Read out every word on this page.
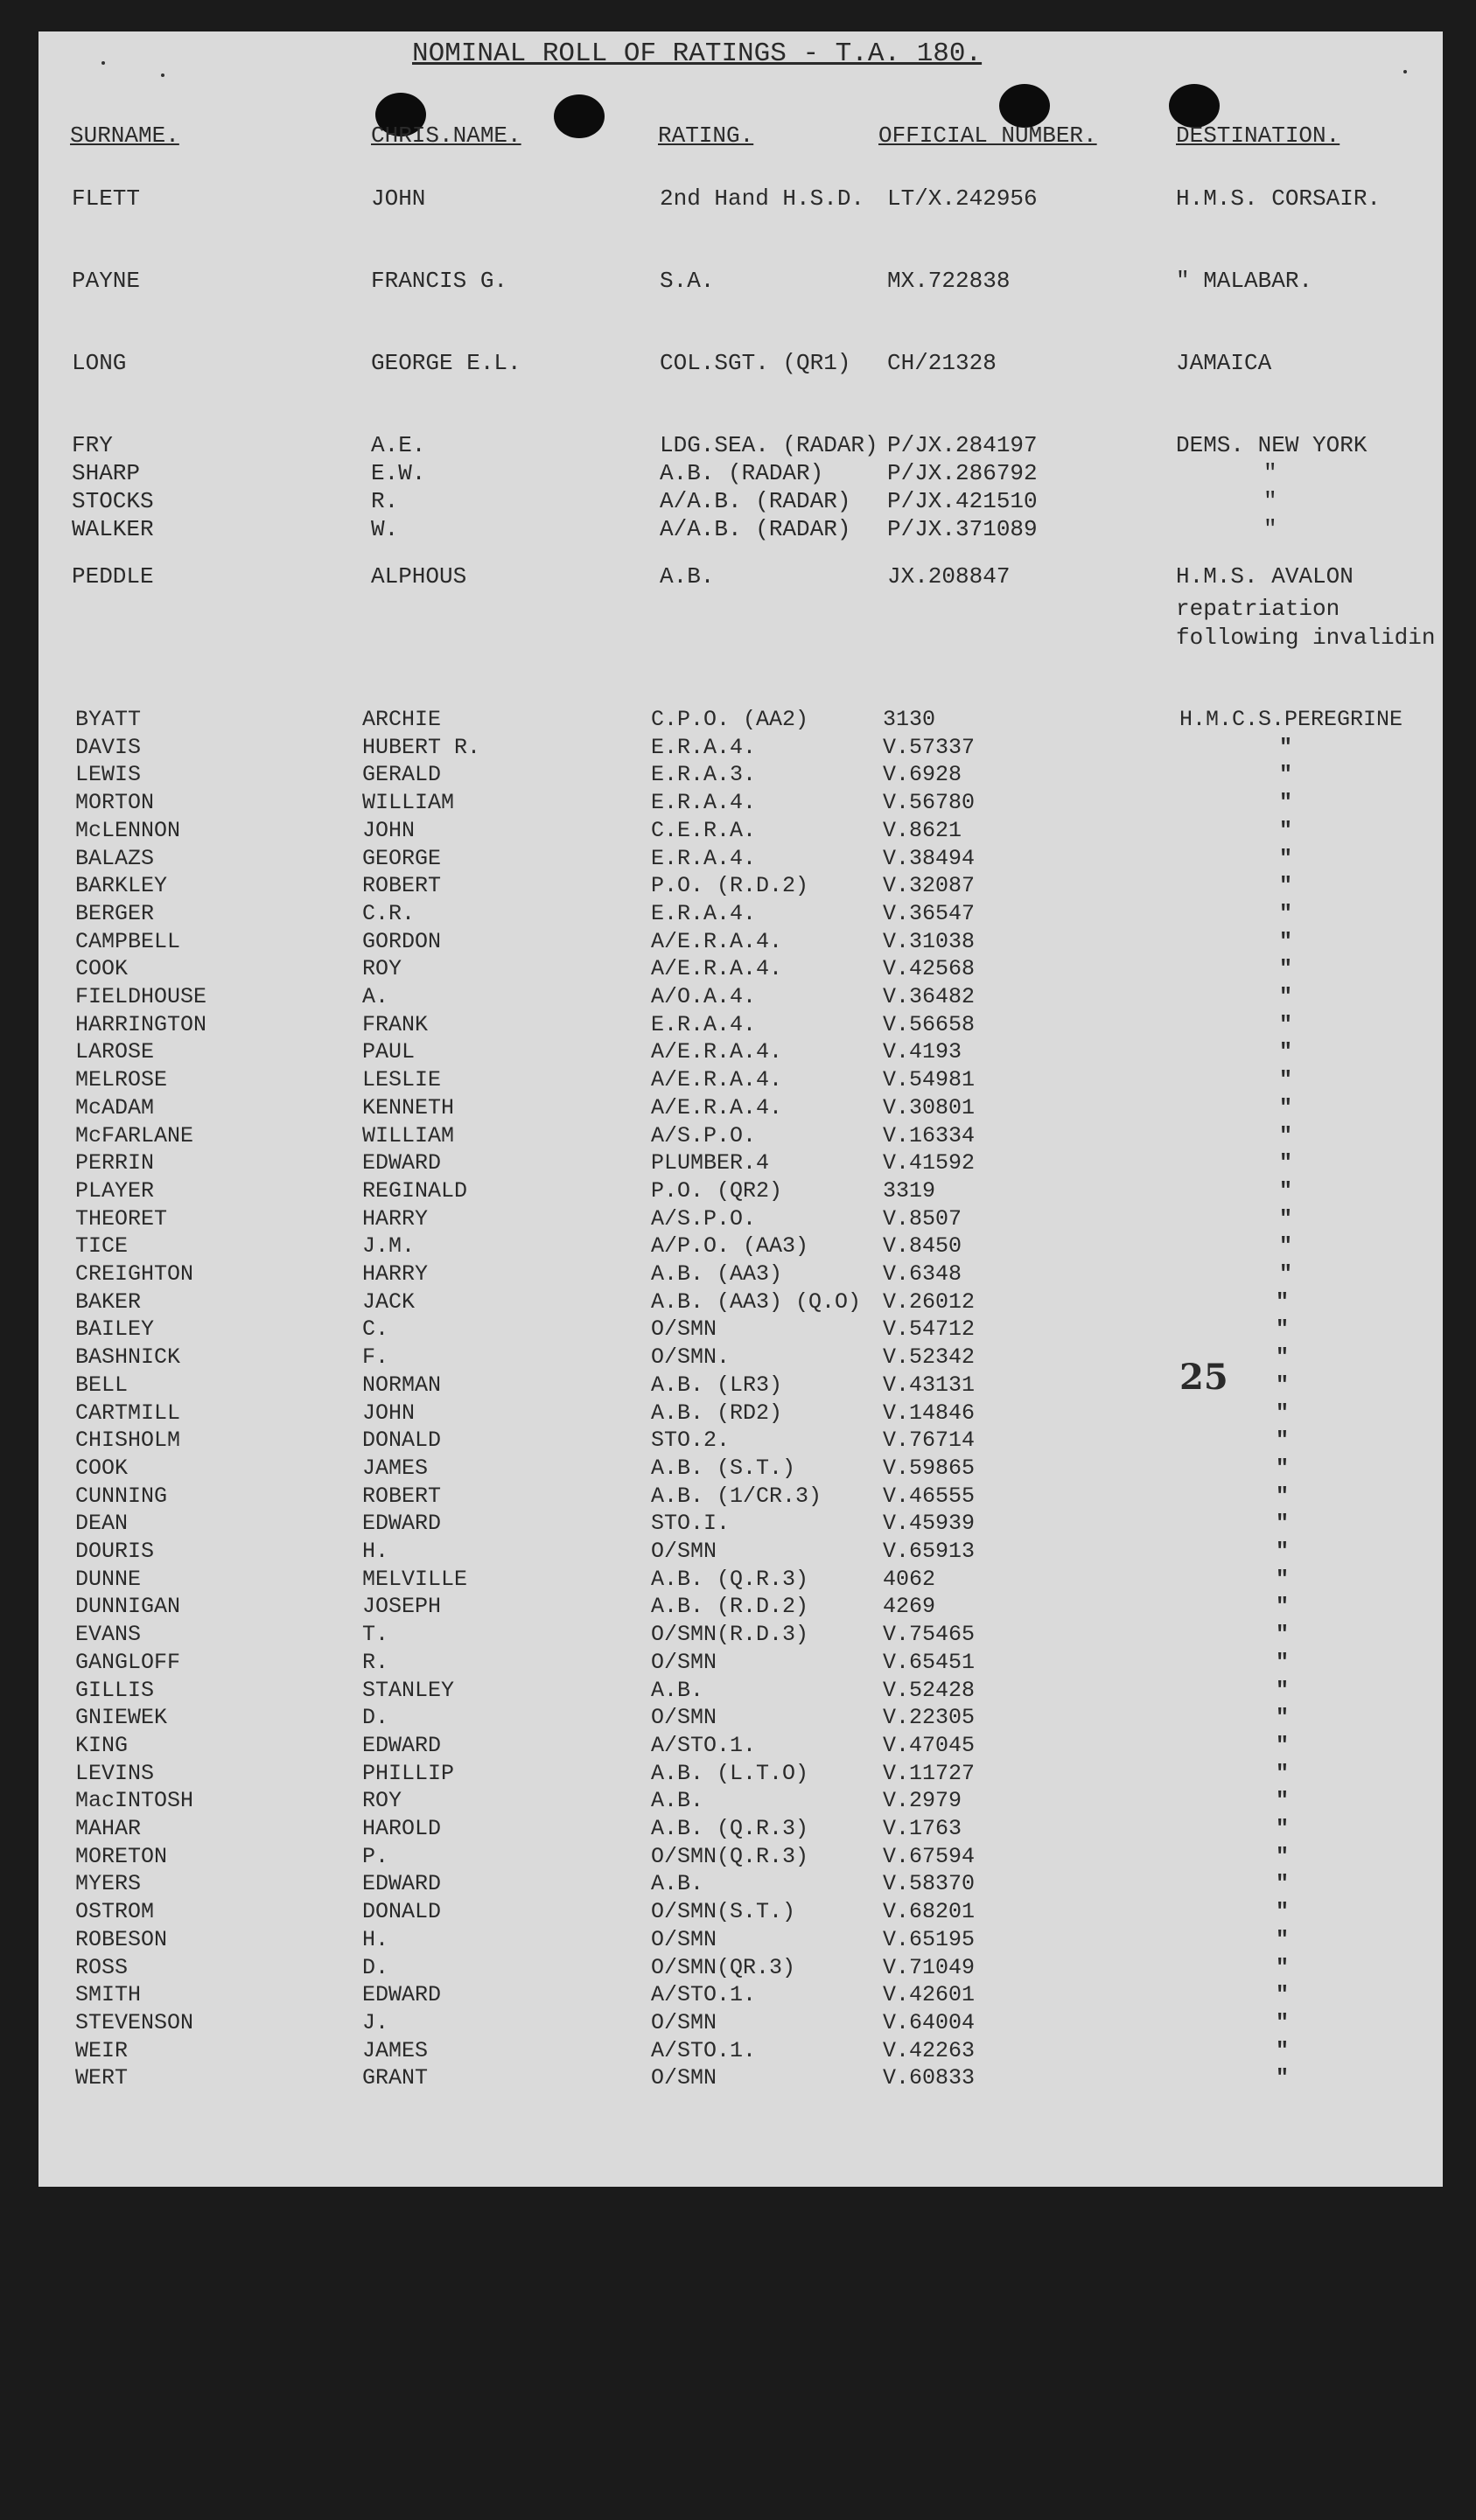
NOMINAL ROLL OF RATINGS - T.A. 180.
SURNAME.	CHRIS.NAME.	RATING.	OFFICIAL NUMBER.	DESTINATION.
FLETT	JOHN	2nd Hand H.S.D. LT/X.242956	H.M.S. CORSAIR.
PAYNE	FRANCIS G.	S.A.	MX.722838	" MALABAR.
LONG	GEORGE E.L.	COL.SGT. (QR1) CH/21328	JAMAICA
FRY	A.E.	LDG.SEA. (RADAR) P/JX.284197	DEMS. NEW YORK
SHARP	E.W.	A.B. (RADAR)	P/JX.286792	"
STOCKS	R.	A/A.B. (RADAR) P/JX.421510	"
WALKER	W.	A/A.B. (RADAR) P/JX.371089	"
PEDDLE	ALPHOUS	A.B.	JX.208847	H.M.S. AVALON
repatriation
following invalidin
BYATT	ARCHIE	C.P.O. (AA2)	3130	H.M.C.S.PEREGRINE
DAVIS	HUBERT R.	E.R.A.4.	V.57337	"
LEWIS	GERALD	E.R.A.3.	V.6928	"
MORTON	WILLIAM	E.R.A.4.	V.56780	"
McLENNON	JOHN	C.E.R.A.	V.8621	"
BALAZS	GEORGE	E.R.A.4.	V.38494	"
BARKLEY	ROBERT	P.O. (R.D.2)	V.32087	"
BERGER	C.R.	E.R.A.4.	V.36547	"
CAMPBELL	GORDON	A/E.R.A.4.	V.31038	"
COOK	ROY	A/E.R.A.4.	V.42568	"
FIELDHOUSE	A.	A/O.A.4.	V.36482	"
HARRINGTON	FRANK	E.R.A.4.	V.56658	"
LAROSE	PAUL	A/E.R.A.4.	V.4193	"
MELROSE	LESLIE	A/E.R.A.4.	V.54981	"
McADAM	KENNETH	A/E.R.A.4.	V.30801	"
McFARLANE	WILLIAM	A/S.P.O.	V.16334	"
PERRIN	EDWARD	PLUMBER.4	V.41592	"
PLAYER	REGINALD	P.O. (QR2)	3319	"
THEORET	HARRY	A/S.P.O.	V.8507	"
TICE	J.M.	A/P.O. (AA3)	V.8450	"
CREIGHTON	HARRY	A.B. (AA3)	V.6348	"
BAKER	JACK	A.B. (AA3) (Q.O) V.26012	"
BAILEY	C.	O/SMN	V.54712	"
BASHNICK	F.	O/SMN.	V.52342	"
BELL	NORMAN	A.B. (LR3)	V.43131	"
CARTMILL	JOHN	A.B. (RD2)	V.14846	"
CHISHOLM	DONALD	STO.2.	V.76714	"
COOK	JAMES	A.B. (S.T.)	V.59865	"
CUNNING	ROBERT	A.B. (1/CR.3)	V.46555	"
DEAN	EDWARD	STO.I.	V.45939	"
DOURIS	H.	O/SMN	V.65913	"
DUNNE	MELVILLE	A.B. (Q.R.3)	4062	"
DUNNIGAN	JOSEPH	A.B. (R.D.2)	4269	"
EVANS	T.	O/SMN(R.D.3)	V.75465	"
GANGLOFF	R.	O/SMN	V.65451	"
GILLIS	STANLEY	A.B.	V.52428	"
GNIEWEK	D.	O/SMN	V.22305	"
KING	EDWARD	A/STO.1.	V.47045	"
LEVINS	PHILLIP	A.B. (L.T.O)	V.11727	"
MacINTOSH	ROY	A.B.	V.2979	"
MAHAR	HAROLD	A.B. (Q.R.3)	V.1763	"
MORETON	P.	O/SMN(Q.R.3)	V.67594	"
MYERS	EDWARD	A.B.	V.58370	"
OSTROM	DONALD	O/SMN(S.T.)	V.68201	"
ROBESON	H.	O/SMN	V.65195	"
ROSS	D.	O/SMN(QR.3)	V.71049	"
SMITH	EDWARD	A/STO.1.	V.42601	"
STEVENSON	J.	O/SMN	V.64004	"
WEIR	JAMES	A/STO.1.	V.42263	"
WERT	GRANT	O/SMN	V.60833	"
25
